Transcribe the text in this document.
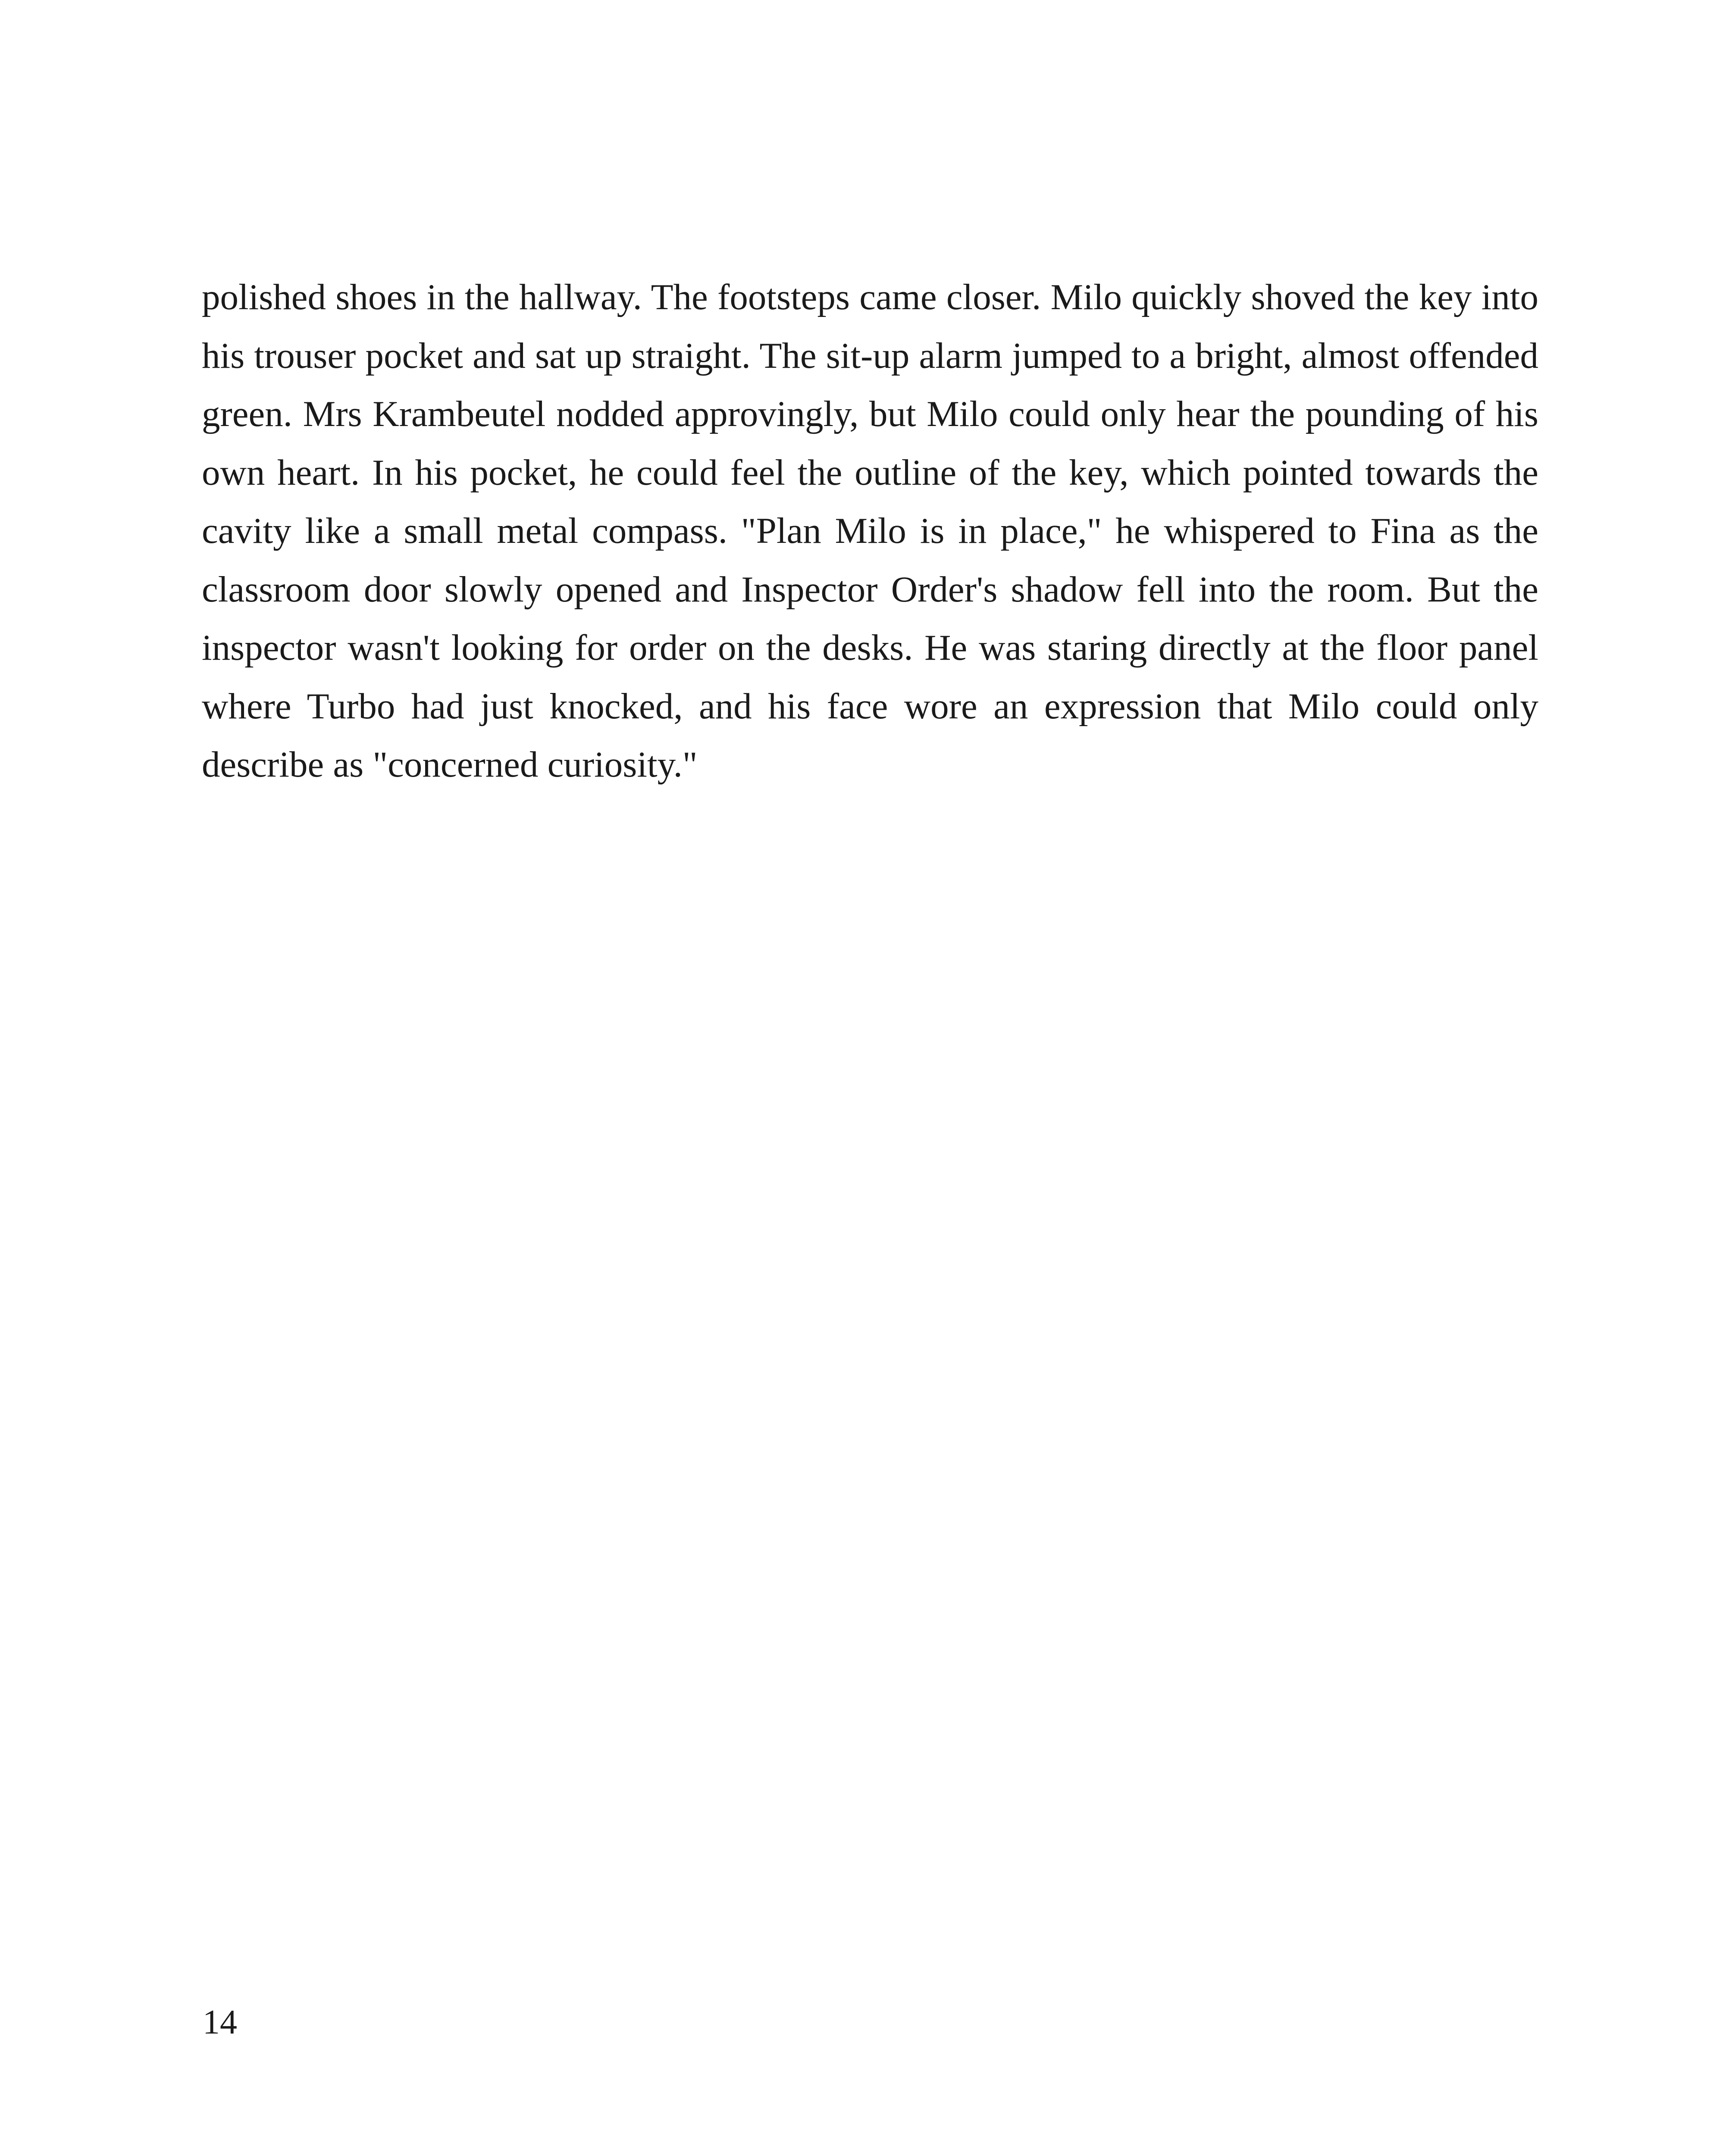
polished shoes in the hallway. The footsteps came closer. Milo quickly shoved the key into his trouser pocket and sat up straight. The sit-up alarm jumped to a bright, almost offended green. Mrs Krambeutel nodded approvingly, but Milo could only hear the pounding of his own heart. In his pocket, he could feel the outline of the key, which pointed towards the cavity like a small metal compass. "Plan Milo is in place," he whispered to Fina as the classroom door slowly opened and Inspector Order's shadow fell into the room. But the inspector wasn't looking for order on the desks. He was staring directly at the floor panel where Turbo had just knocked, and his face wore an expression that Milo could only describe as "concerned curiosity."

14
